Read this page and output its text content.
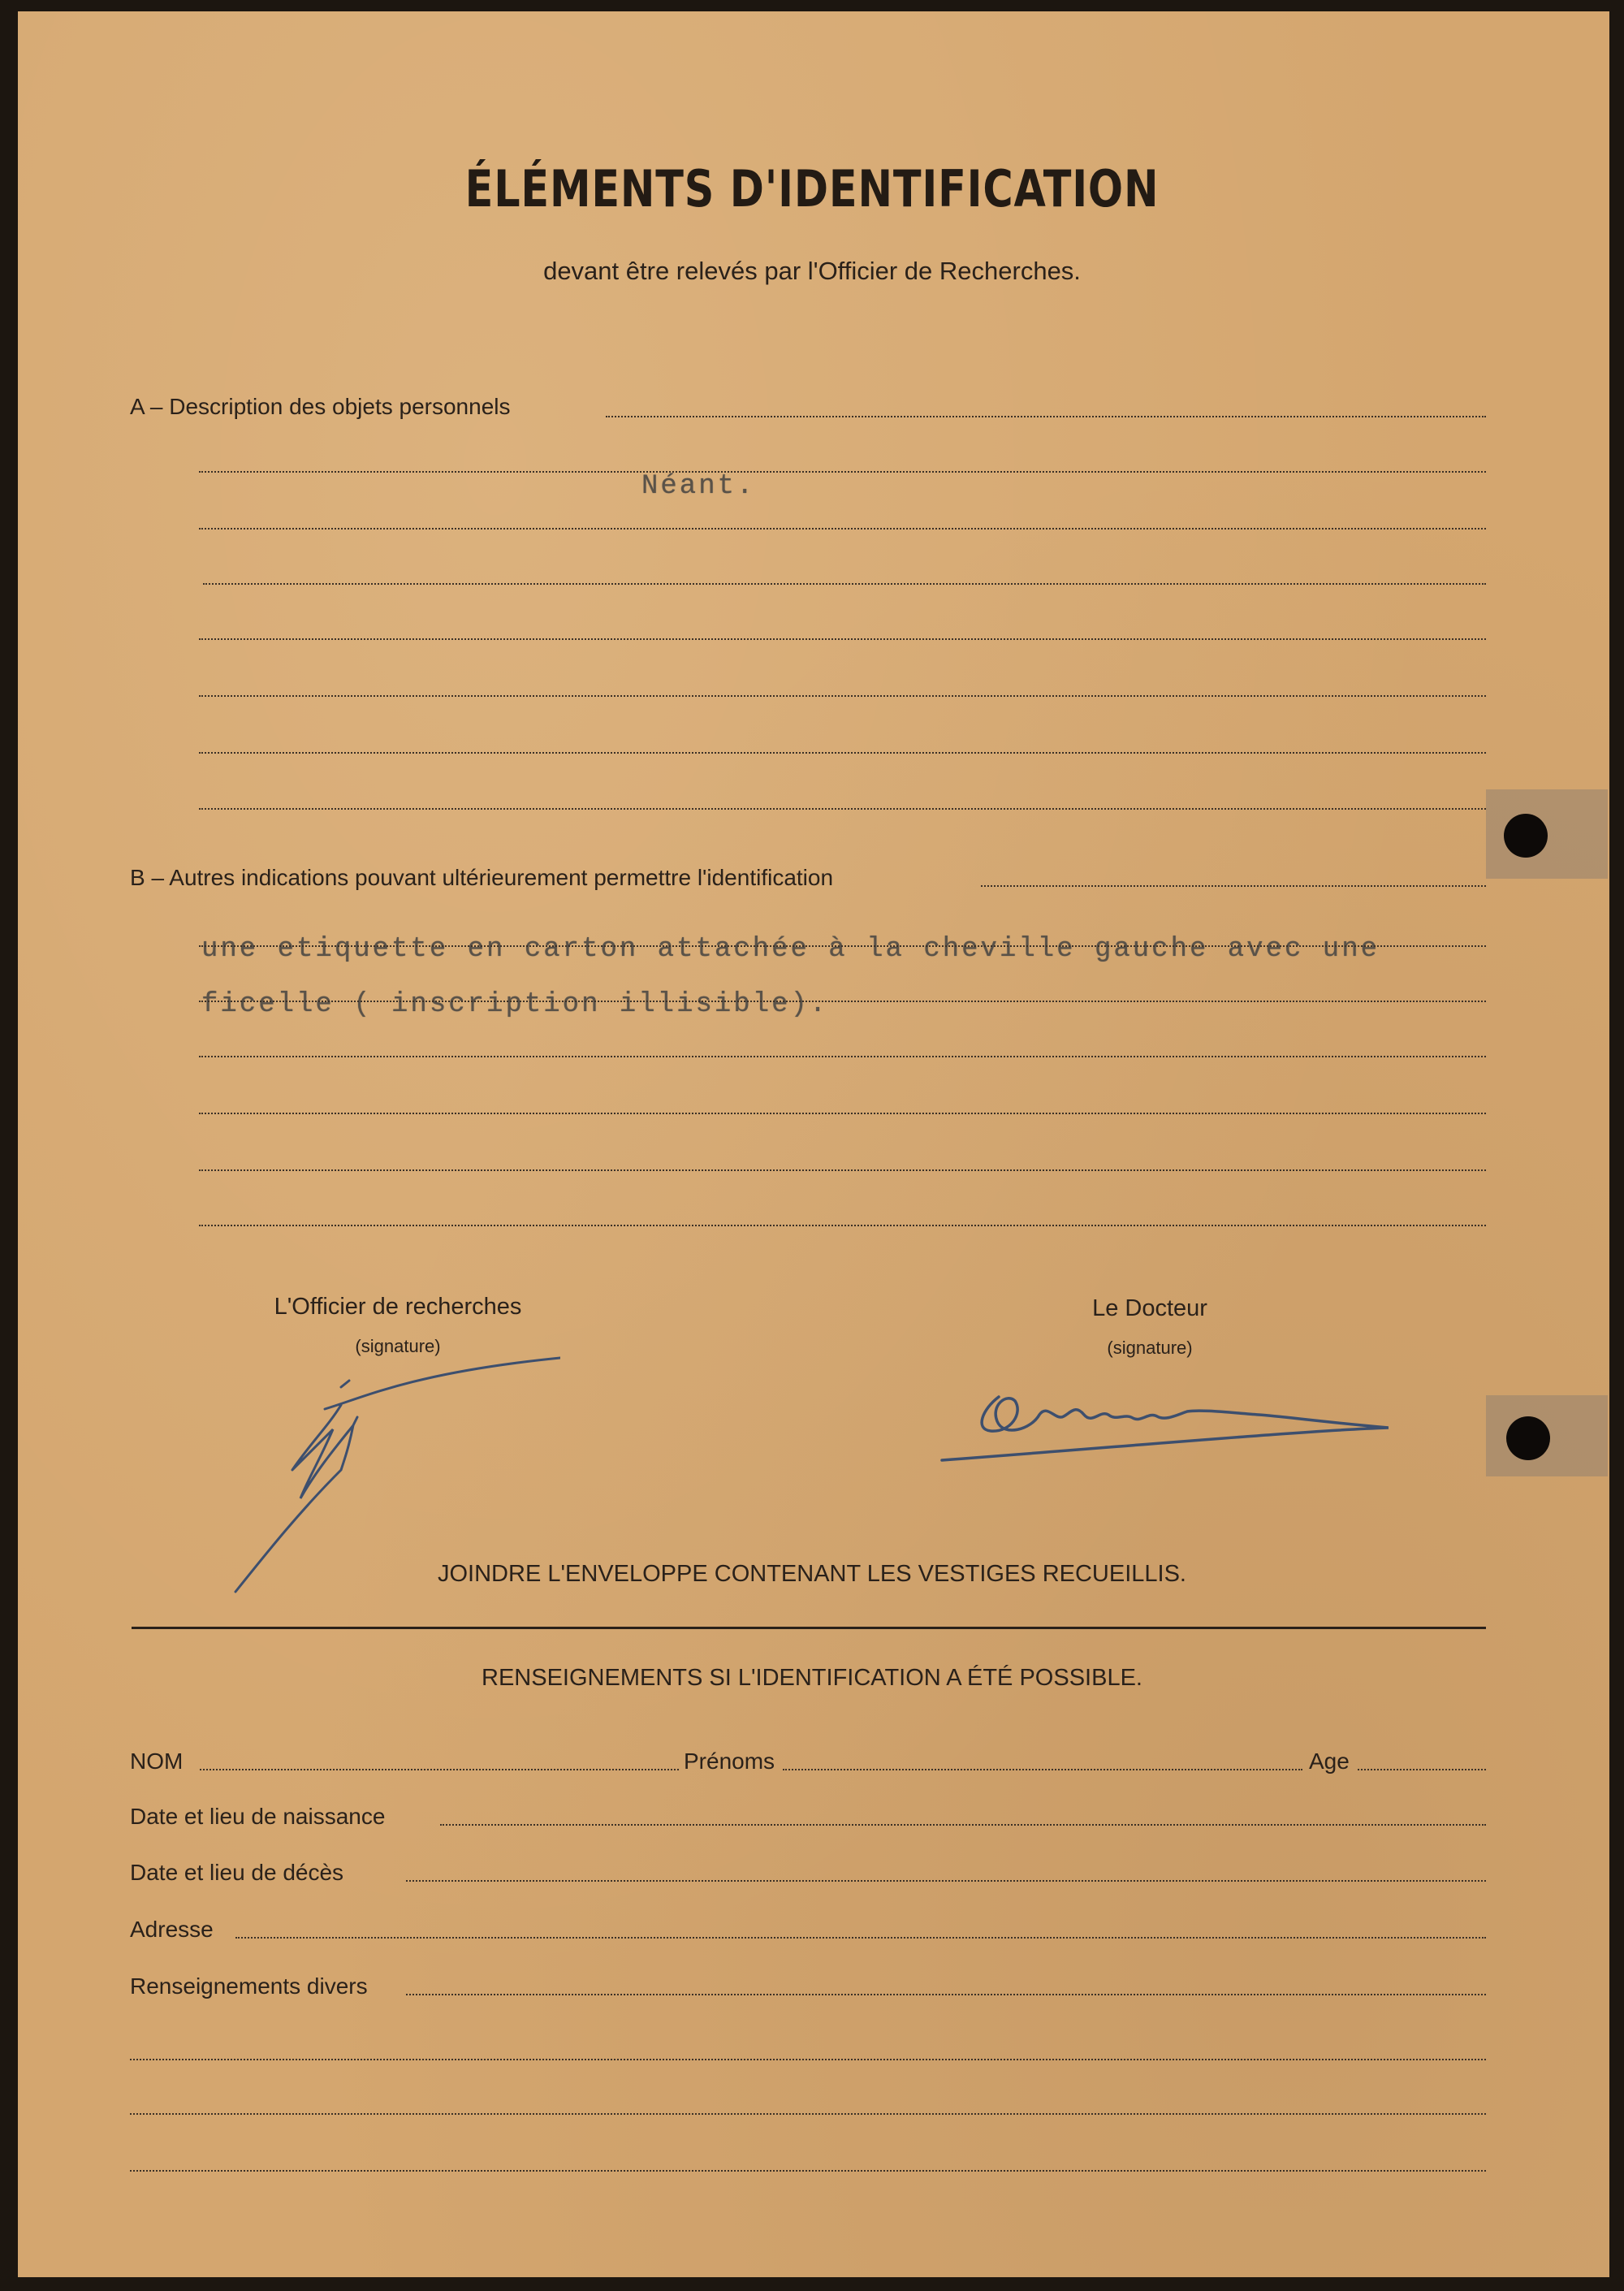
ÉLÉMENTS D'IDENTIFICATION
devant être relevés par l'Officier de Recherches.
A – Description des objets personnels
Néant.
B – Autres indications pouvant ultérieurement permettre l'identification
une etiquette en carton attachée à la cheville gauche avec une
ficelle ( inscription illisible).
L'Officier de recherches
(signature)
Le Docteur
(signature)
JOINDRE L'ENVELOPPE CONTENANT LES VESTIGES RECUEILLIS.
RENSEIGNEMENTS SI L'IDENTIFICATION A ÉTÉ POSSIBLE.
NOM	Prénoms	Age
Date et lieu de naissance
Date et lieu de décès
Adresse
Renseignements divers
